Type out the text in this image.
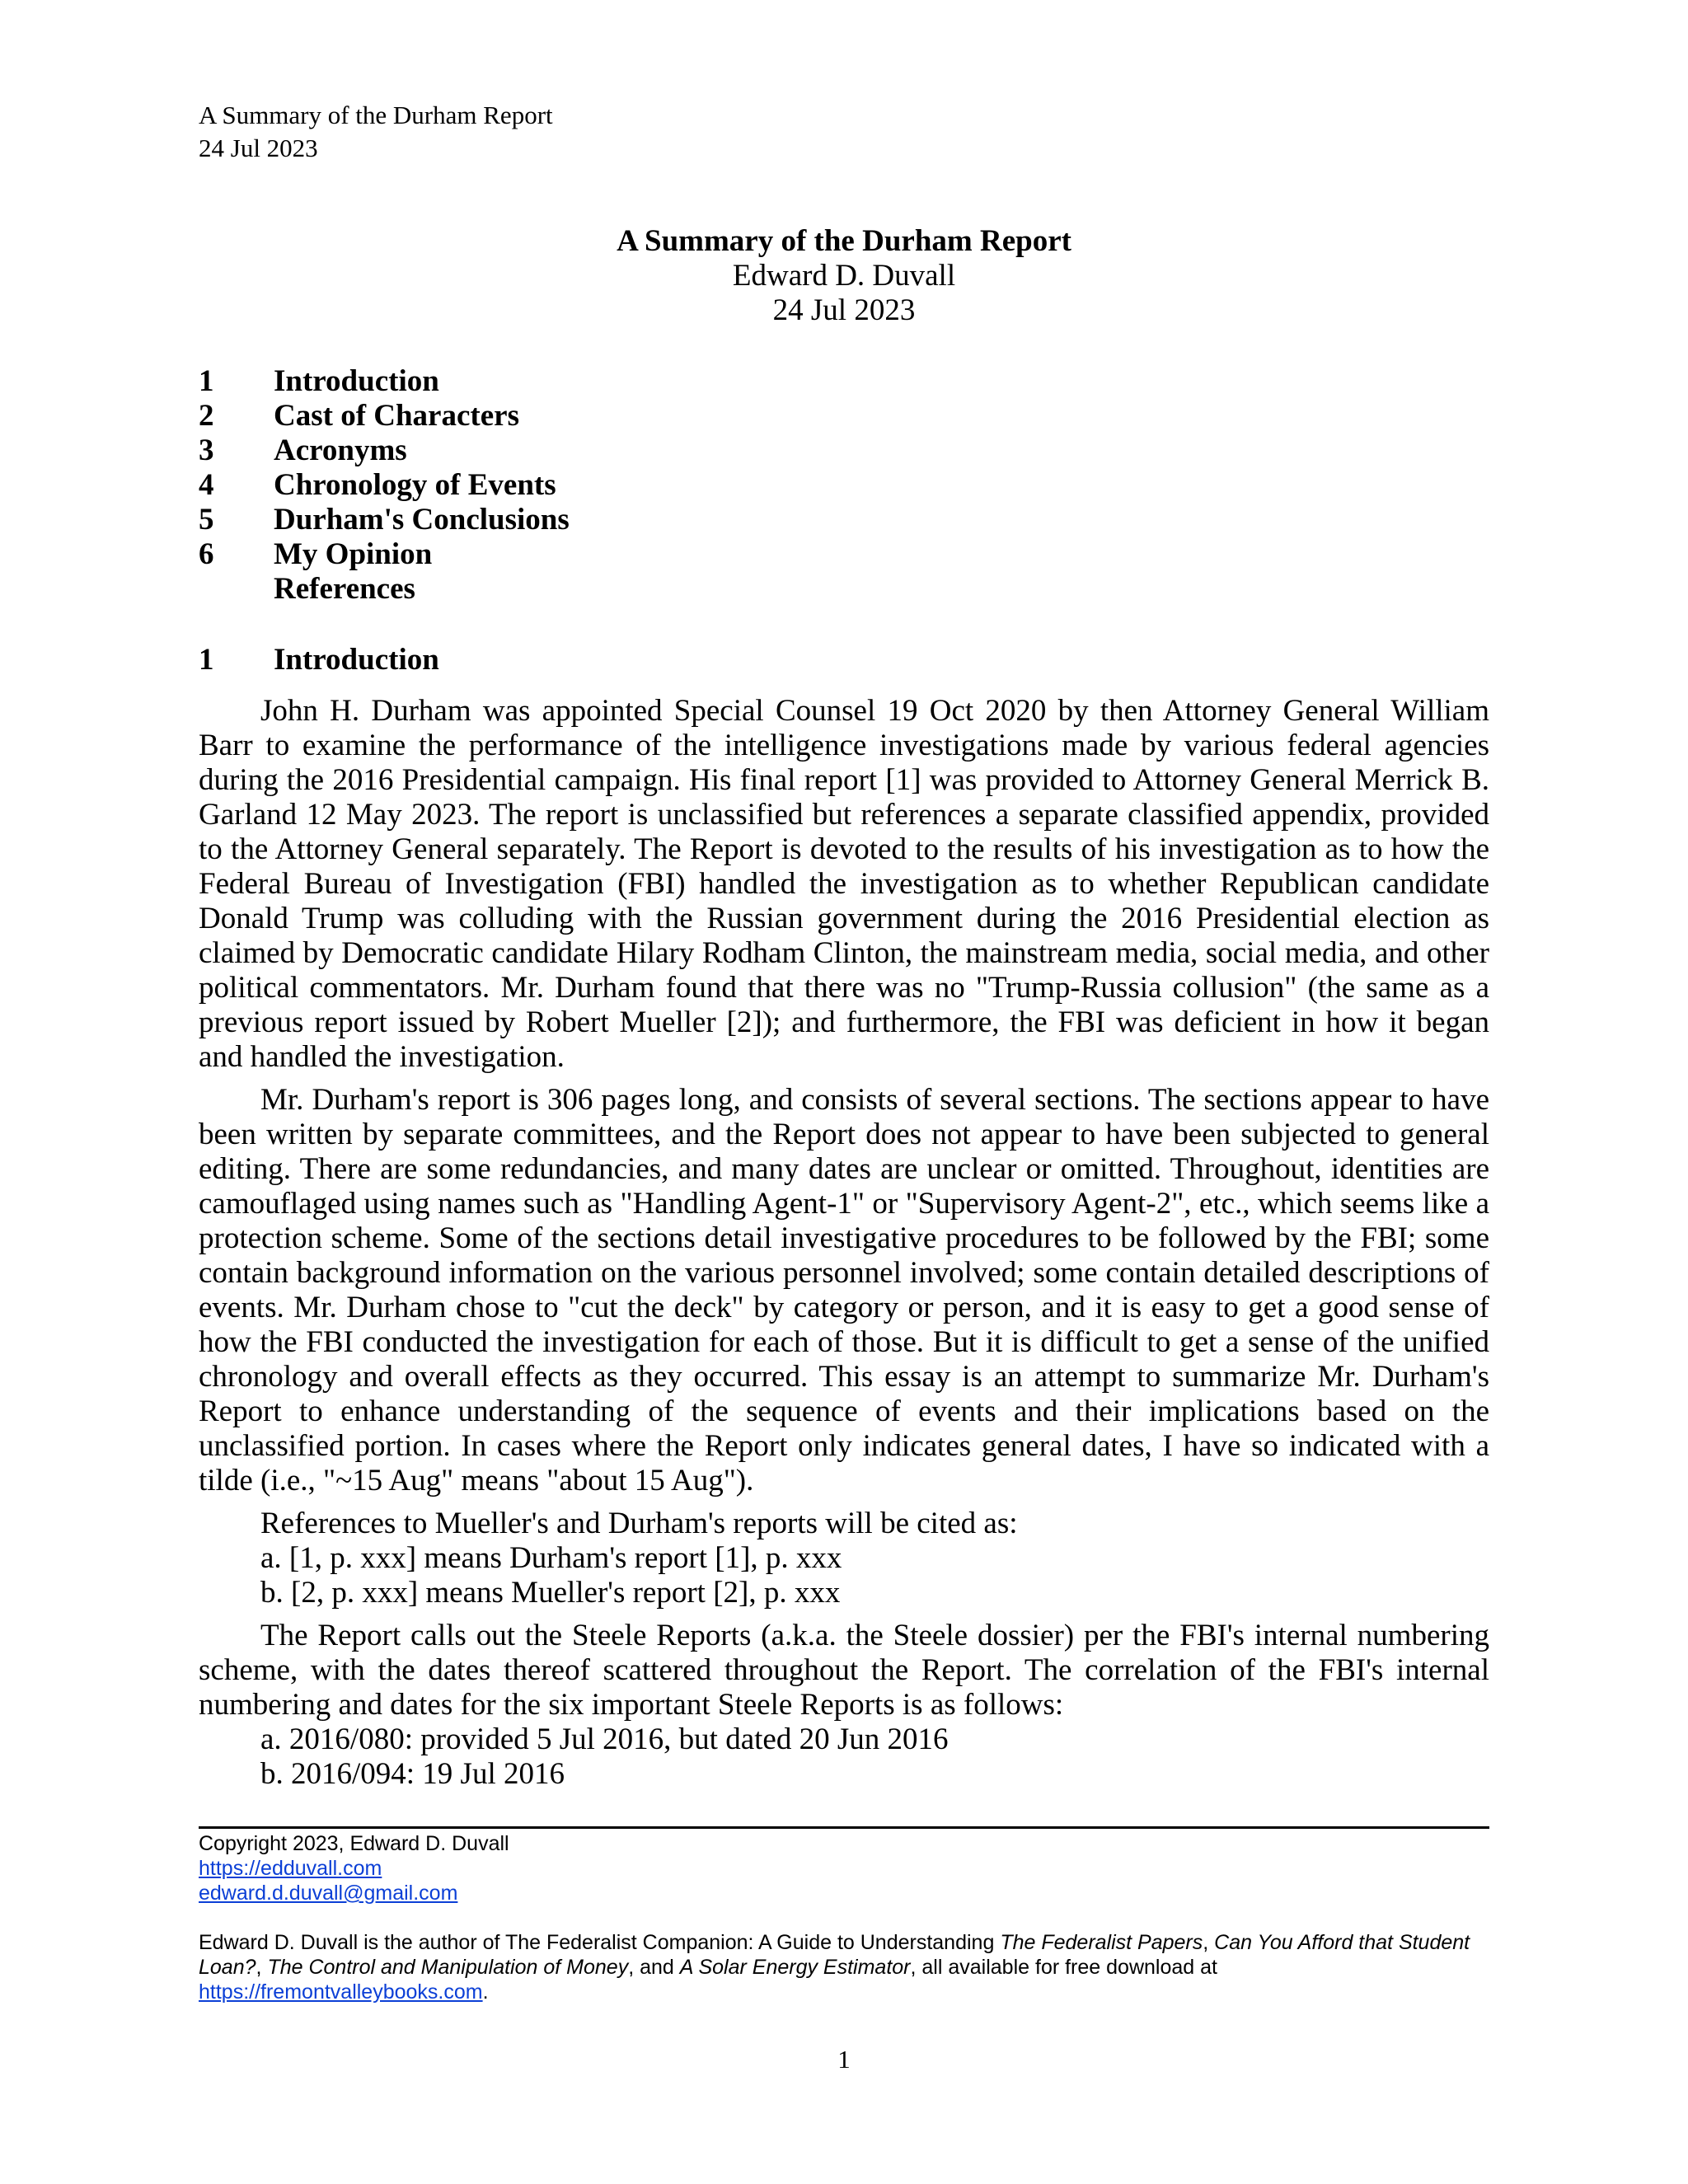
A Summary of the Durham Report
24 Jul 2023
A Summary of the Durham Report
Edward D. Duvall
24 Jul 2023
1	Introduction
2	Cast of Characters
3	Acronyms
4	Chronology of Events
5	Durham's Conclusions
6	My Opinion
References
1	Introduction

John H. Durham was appointed Special Counsel 19 Oct 2020 by then Attorney General William Barr to examine the performance of the intelligence investigations made by various federal agencies during the 2016 Presidential campaign. His final report [1] was provided to Attorney General Merrick B. Garland 12 May 2023. The report is unclassified but references a separate classified appendix, provided to the Attorney General separately. The Report is devoted to the results of his investigation as to how the Federal Bureau of Investigation (FBI) handled the investigation as to whether Republican candidate Donald Trump was colluding with the Russian government during the 2016 Presidential election as claimed by Democratic candidate Hilary Rodham Clinton, the mainstream media, social media, and other political commentators. Mr. Durham found that there was no "Trump-Russia collusion" (the same as a previous report issued by Robert Mueller [2]); and furthermore, the FBI was deficient in how it began and handled the investigation.

Mr. Durham's report is 306 pages long, and consists of several sections. The sections appear to have been written by separate committees, and the Report does not appear to have been subjected to general editing. There are some redundancies, and many dates are unclear or omitted. Throughout, identities are camouflaged using names such as "Handling Agent-1" or "Supervisory Agent-2", etc., which seems like a protection scheme. Some of the sections detail investigative procedures to be followed by the FBI; some contain background information on the various personnel involved; some contain detailed descriptions of events. Mr. Durham chose to "cut the deck" by category or person, and it is easy to get a good sense of how the FBI conducted the investigation for each of those. But it is difficult to get a sense of the unified chronology and overall effects as they occurred. This essay is an attempt to summarize Mr. Durham's Report to enhance understanding of the sequence of events and their implications based on the unclassified portion. In cases where the Report only indicates general dates, I have so indicated with a tilde (i.e., "~15 Aug" means "about 15 Aug").

References to Mueller's and Durham's reports will be cited as:

a. [1, p. xxx] means Durham's report [1], p. xxx
b. [2, p. xxx] means Mueller's report [2], p. xxx

The Report calls out the Steele Reports (a.k.a. the Steele dossier) per the FBI's internal numbering scheme, with the dates thereof scattered throughout the Report. The correlation of the FBI's internal numbering and dates for the six important Steele Reports is as follows:

a. 2016/080: provided 5 Jul 2016, but dated 20 Jun 2016
b. 2016/094: 19 Jul 2016
Copyright 2023, Edward D. Duvall
https://edduvall.com
edward.d.duvall@gmail.com
Edward D. Duvall is the author of The Federalist Companion: A Guide to Understanding The Federalist Papers, Can You Afford that Student Loan?, The Control and Manipulation of Money, and A Solar Energy Estimator, all available for free download at https://fremontvalleybooks.com.
1
